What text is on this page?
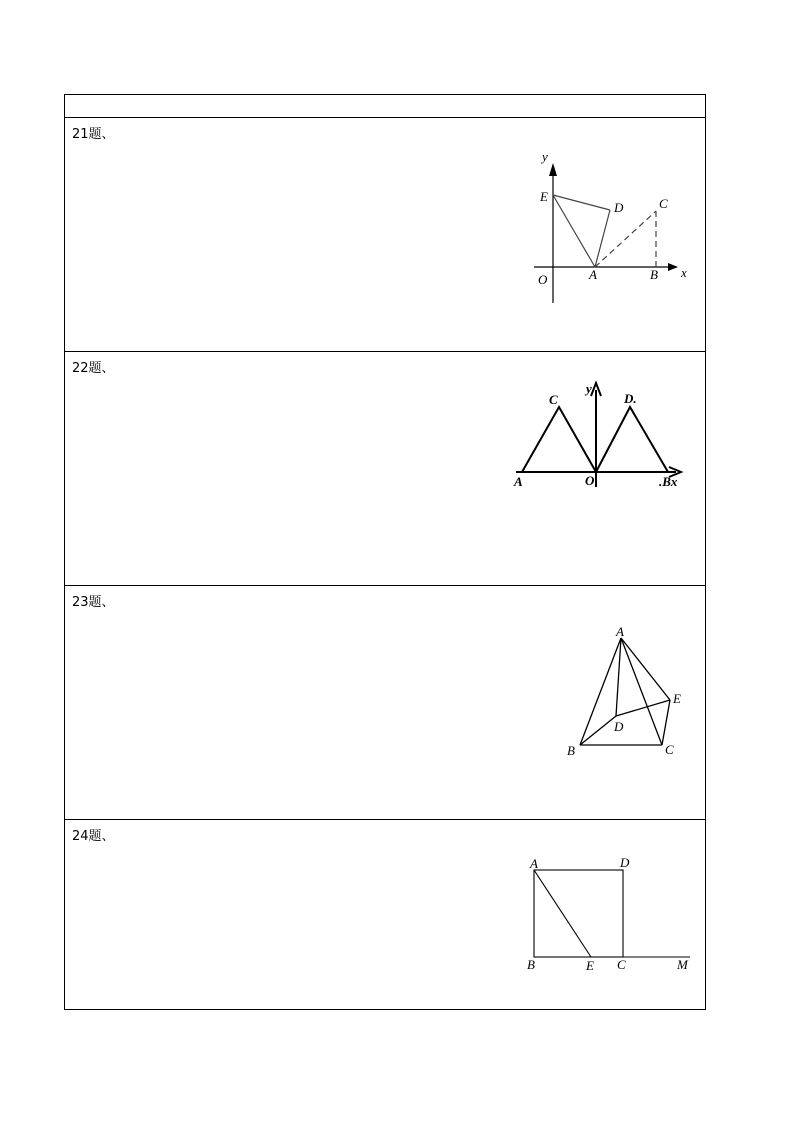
21题、
22题、
23题、
24题、
y
E
D	C
O	A	B x
y
C	D.
A	O	.Bx
A
E
D
B	C
A	D
B	E C	M
